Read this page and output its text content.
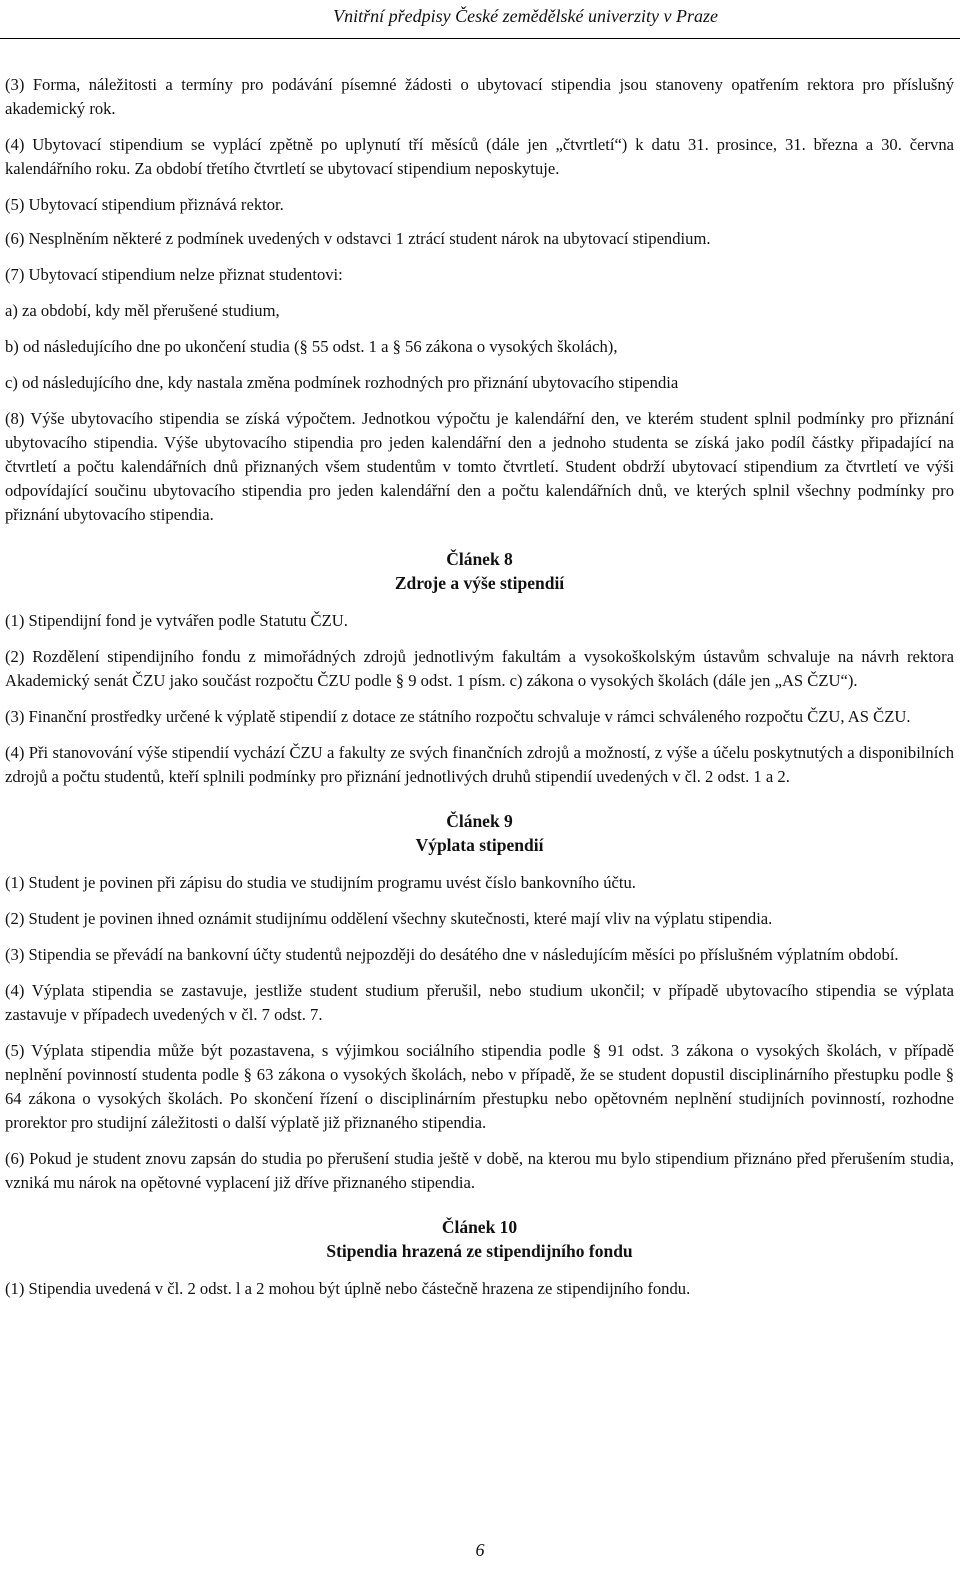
Vnitřní předpisy České zemědělské univerzity v Praze

(3) Forma, náležitosti a termíny pro podávání písemné žádosti o ubytovací stipendia jsou stanoveny opatřením rektora pro příslušný akademický rok.

(4) Ubytovací stipendium se vyplácí zpětně po uplynutí tří měsíců (dále jen „čtvrtletí“) k datu 31. prosince, 31. března a 30. června kalendářního roku. Za období třetího čtvrtletí se ubytovací stipendium neposkytuje.

(5) Ubytovací stipendium přiznává rektor.

(6) Nesplněním některé z podmínek uvedených v odstavci 1 ztrácí student nárok na ubytovací stipendium.

(7) Ubytovací stipendium nelze přiznat studentovi:

a) za období, kdy měl přerušené studium,
b) od následujícího dne po ukončení studia (§ 55 odst. 1 a § 56 zákona o vysokých školách),
c) od následujícího dne, kdy nastala změna podmínek rozhodných pro přiznání ubytovacího stipendia

(8) Výše ubytovacího stipendia se získá výpočtem. Jednotkou výpočtu je kalendářní den, ve kterém student splnil podmínky pro přiznání ubytovacího stipendia. Výše ubytovacího stipendia pro jeden kalendářní den a jednoho studenta se získá jako podíl částky připadající na čtvrtletí a počtu kalendářních dnů přiznaných všem studentům v tomto čtvrtletí. Student obdrží ubytovací stipendium za čtvrtletí ve výši odpovídající součinu ubytovacího stipendia pro jeden kalendářní den a počtu kalendářních dnů, ve kterých splnil všechny podmínky pro přiznání ubytovacího stipendia.

Článek 8
Zdroje a výše stipendií

(1) Stipendijní fond je vytvářen podle Statutu ČZU.

(2) Rozdělení stipendijního fondu z mimořádných zdrojů jednotlivým fakultám a vysokoškolským ústavům schvaluje na návrh rektora Akademický senát ČZU jako součást rozpočtu ČZU podle § 9 odst. 1 písm. c) zákona o vysokých školách (dále jen „AS ČZU“).

(3) Finanční prostředky určené k výplatě stipendií z dotace ze státního rozpočtu schvaluje v rámci schváleného rozpočtu ČZU, AS ČZU.

(4) Při stanovování výše stipendií vychází ČZU a fakulty ze svých finančních zdrojů a možností, z výše a účelu poskytnutých a disponibilních zdrojů a počtu studentů, kteří splnili podmínky pro přiznání jednotlivých druhů stipendií uvedených v čl. 2 odst. 1 a 2.

Článek 9
Výplata stipendií

(1) Student je povinen při zápisu do studia ve studijním programu uvést číslo bankovního účtu.

(2) Student je povinen ihned oznámit studijnímu oddělení všechny skutečnosti, které mají vliv na výplatu stipendia.

(3) Stipendia se převádí na bankovní účty studentů nejpozději do desátého dne v následujícím měsíci po příslušném výplatním období.

(4) Výplata stipendia se zastavuje, jestliže student studium přerušil, nebo studium ukončil; v případě ubytovacího stipendia se výplata zastavuje v případech uvedených v čl. 7 odst. 7.

(5) Výplata stipendia může být pozastavena, s výjimkou sociálního stipendia podle § 91 odst. 3 zákona o vysokých školách, v případě neplnění povinností studenta podle § 63 zákona o vysokých školách, nebo v případě, že se student dopustil disciplinárního přestupku podle § 64 zákona o vysokých školách. Po skončení řízení o disciplinárním přestupku nebo opětovném neplnění studijních povinností, rozhodne prorektor pro studijní záležitosti o další výplatě již přiznaného stipendia.

(6) Pokud je student znovu zapsán do studia po přerušení studia ještě v době, na kterou mu bylo stipendium přiznáno před přerušením studia, vzniká mu nárok na opětovné vyplacení již dříve přiznaného stipendia.

Článek 10
Stipendia hrazená ze stipendijního fondu

(1) Stipendia uvedená v čl. 2 odst. l a 2 mohou být úplně nebo částečně hrazena ze stipendijního fondu.

6
